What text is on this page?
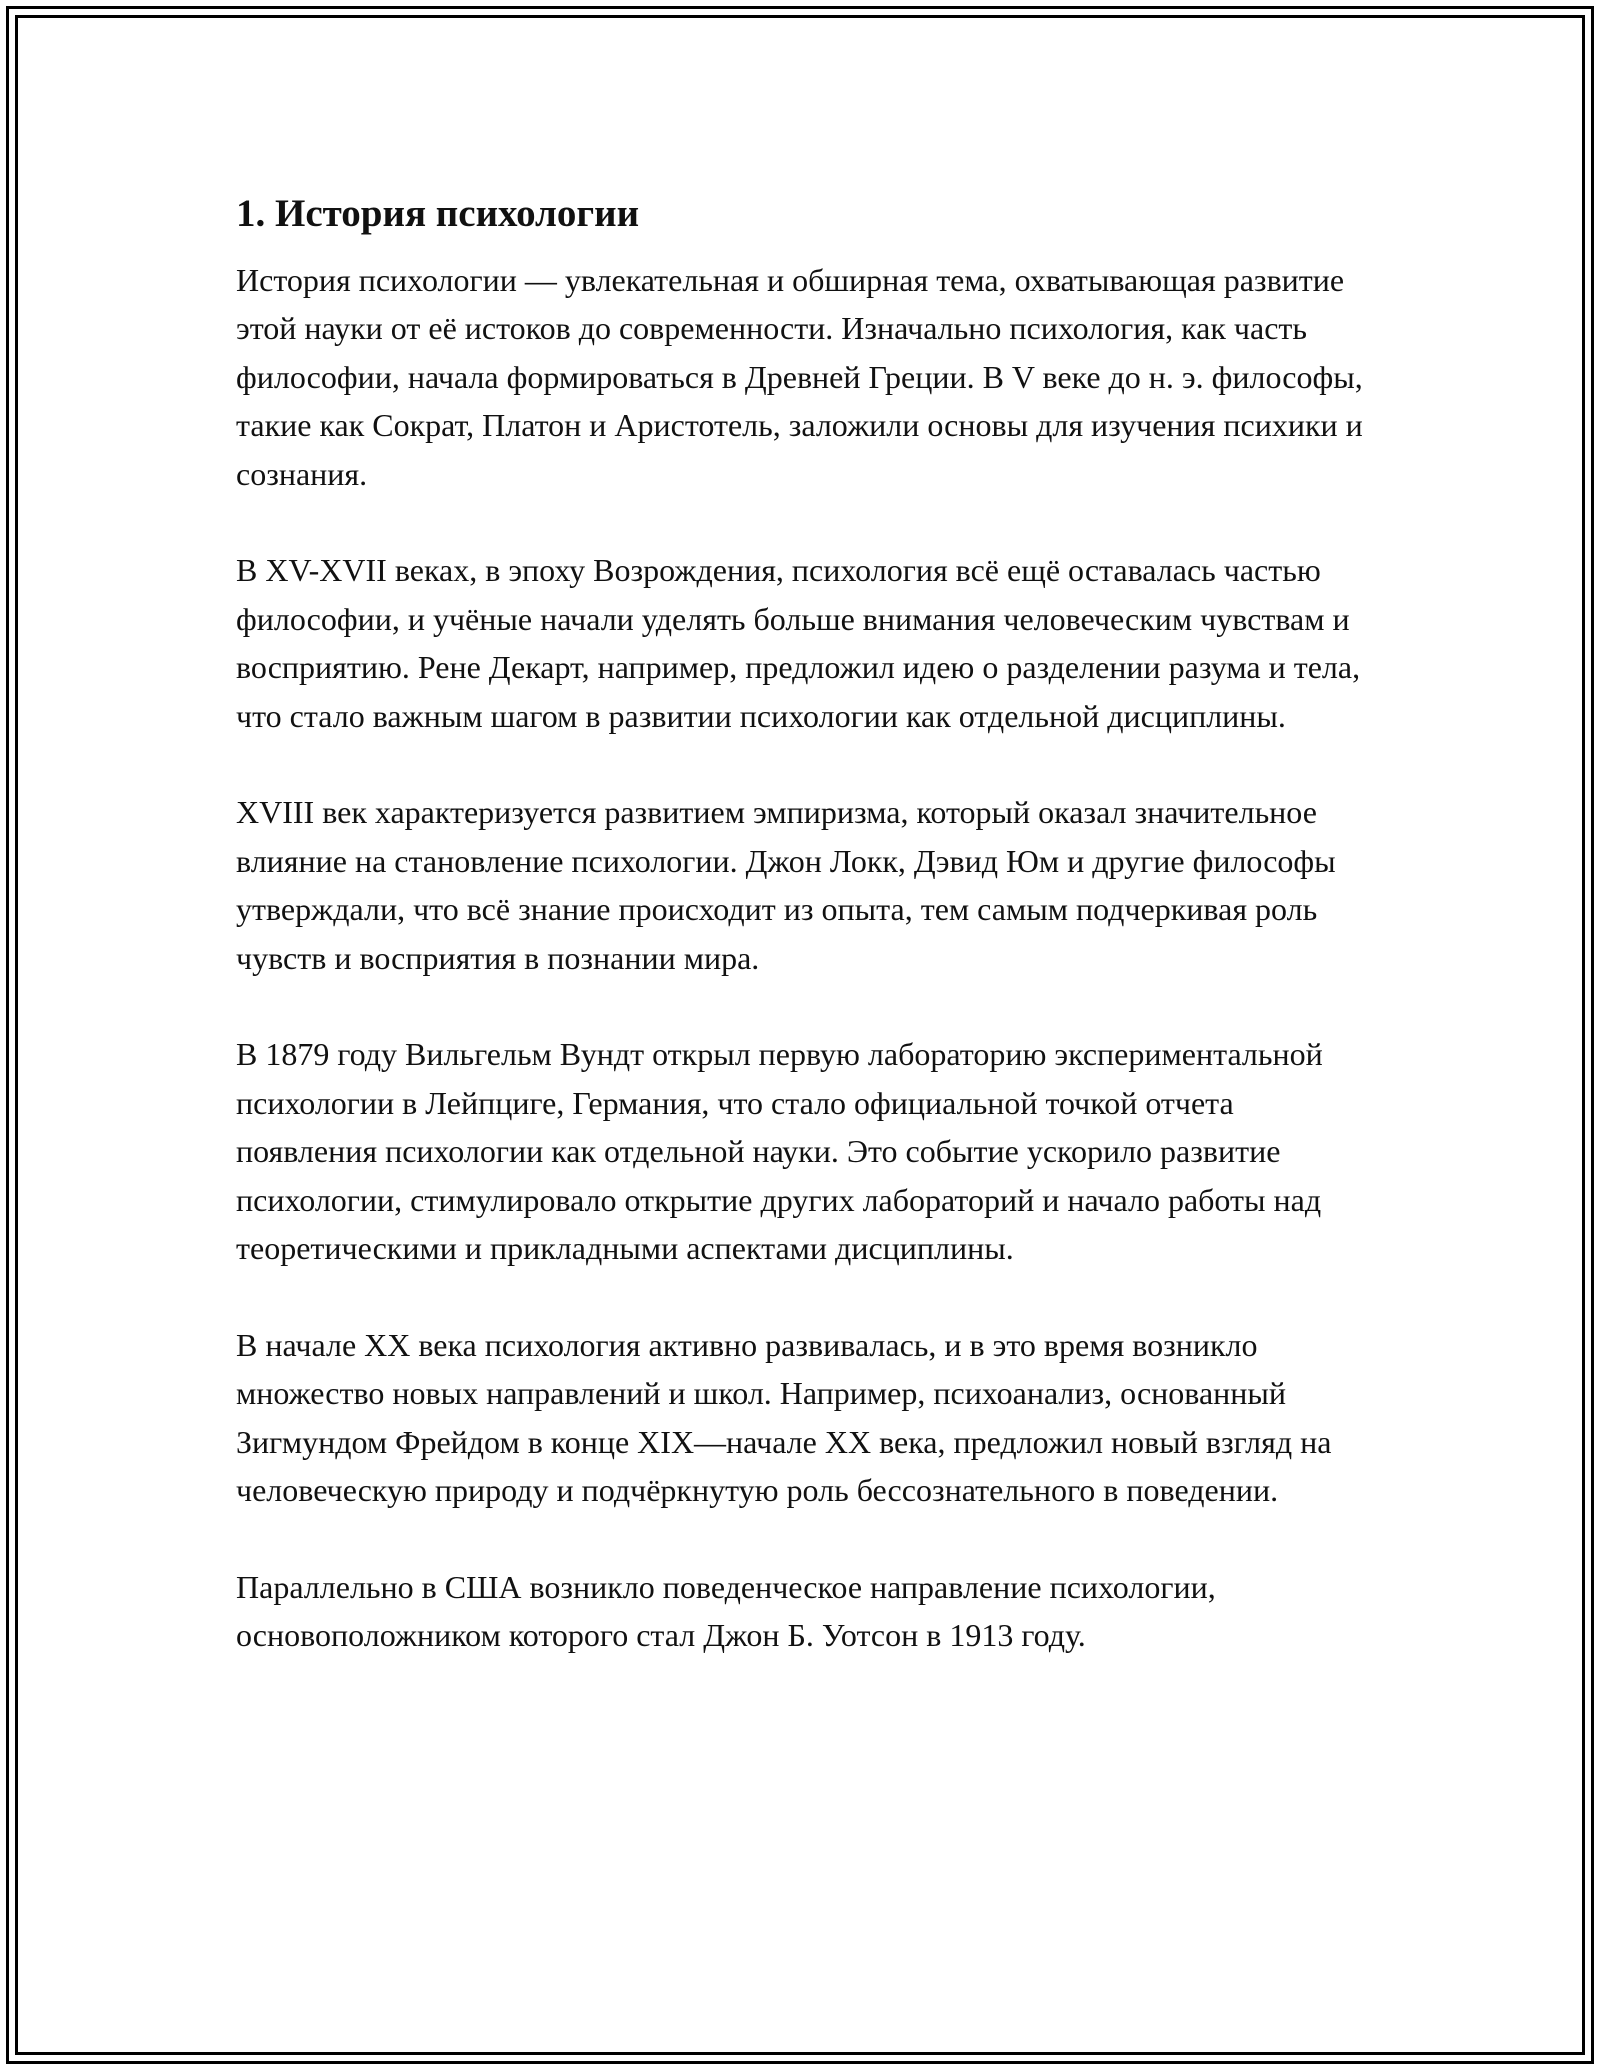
1. История психологии

История психологии — увлекательная и обширная тема, охватывающая развитие этой науки от её истоков до современности. Изначально психология, как часть философии, начала формироваться в Древней Греции. В V веке до н. э. философы, такие как Сократ, Платон и Аристотель, заложили основы для изучения психики и сознания.

В XV-XVII веках, в эпоху Возрождения, психология всё ещё оставалась частью философии, и учёные начали уделять больше внимания человеческим чувствам и восприятию. Рене Декарт, например, предложил идею о разделении разума и тела, что стало важным шагом в развитии психологии как отдельной дисциплины.

XVIII век характеризуется развитием эмпиризма, который оказал значительное влияние на становление психологии. Джон Локк, Дэвид Юм и другие философы утверждали, что всё знание происходит из опыта, тем самым подчеркивая роль чувств и восприятия в познании мира.

В 1879 году Вильгельм Вундт открыл первую лабораторию экспериментальной психологии в Лейпциге, Германия, что стало официальной точкой отчета появления психологии как отдельной науки. Это событие ускорило развитие психологии, стимулировало открытие других лабораторий и начало работы над теоретическими и прикладными аспектами дисциплины.

В начале XX века психология активно развивалась, и в это время возникло множество новых направлений и школ. Например, психоанализ, основанный Зигмундом Фрейдом в конце XIX—начале XX века, предложил новый взгляд на человеческую природу и подчёркнутую роль бессознательного в поведении.

Параллельно в США возникло поведенческое направление психологии, основоположником которого стал Джон Б. Уотсон в 1913 году.
